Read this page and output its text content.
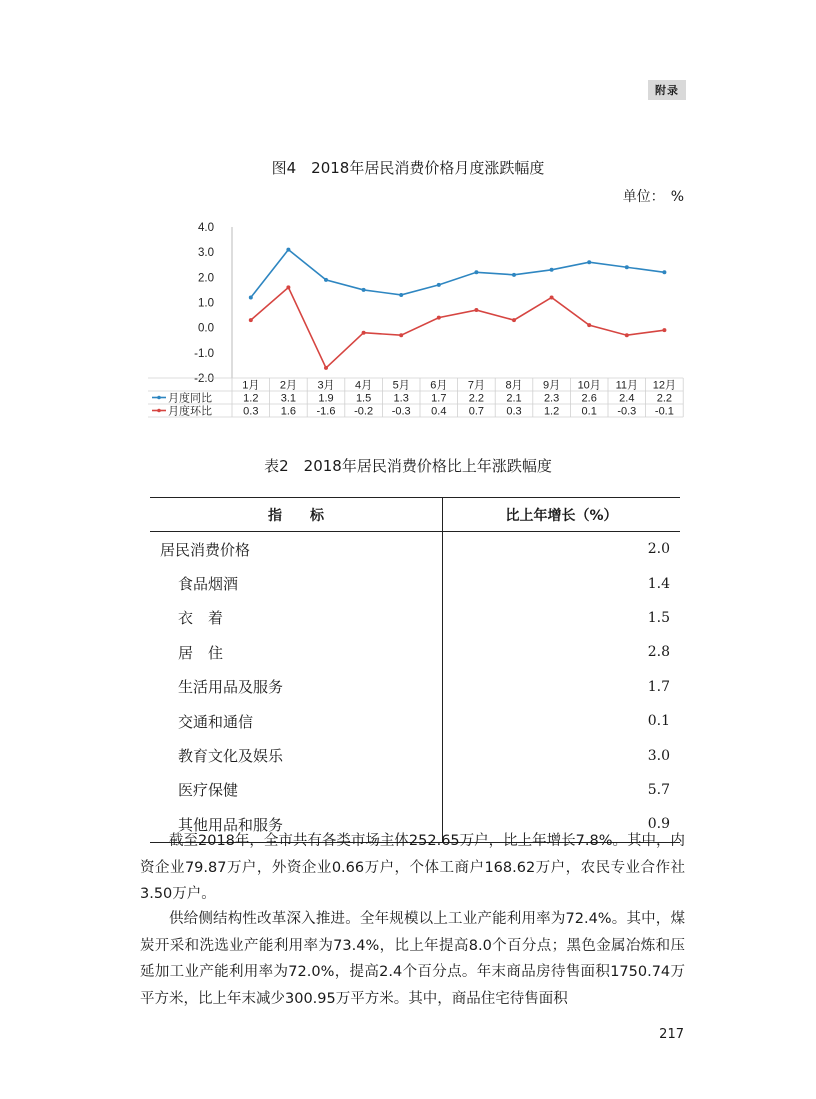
附录
图4　2018年居民消费价格月度涨跌幅度
单位： %
4.0
3.0
2.0
1.0
0.0
-1.0
-2.0
1月 2月 3月 4月 5月 6月 7月 8月 9月 10月 11月 12月
月度同比	1.2 3.1 1.9 1.5 1.3 1.7 2.2 2.1 2.3 2.6 2.4 2.2
月度环比	0.3 1.6 -1.6 -0.2 -0.3 0.4 0.7 0.3 1.2 0.1 -0.3 -0.1
表2　2018年居民消费价格比上年涨跌幅度
指　　标	比上年增长（%）
居民消费价格	2.0
食品烟酒	1.4
衣　着	1.5
居　住	2.8
生活用品及服务	1.7
交通和通信	0.1
教育文化及娱乐	3.0
医疗保健	5.7
其他用品和服务	0.9

截至2018年，全市共有各类市场主体252.65万户，比上年增长7.8%。其中，内资企业79.87万户，外资企业0.66万户，个体工商户168.62万户，农民专业合作社3.50万户。

供给侧结构性改革深入推进。全年规模以上工业产能利用率为72.4%。其中，煤炭开采和洗选业产能利用率为73.4%，比上年提高8.0个百分点；黑色金属冶炼和压延加工业产能利用率为72.0%，提高2.4个百分点。年末商品房待售面积1750.74万平方米，比上年末减少300.95万平方米。其中，商品住宅待售面积

217
